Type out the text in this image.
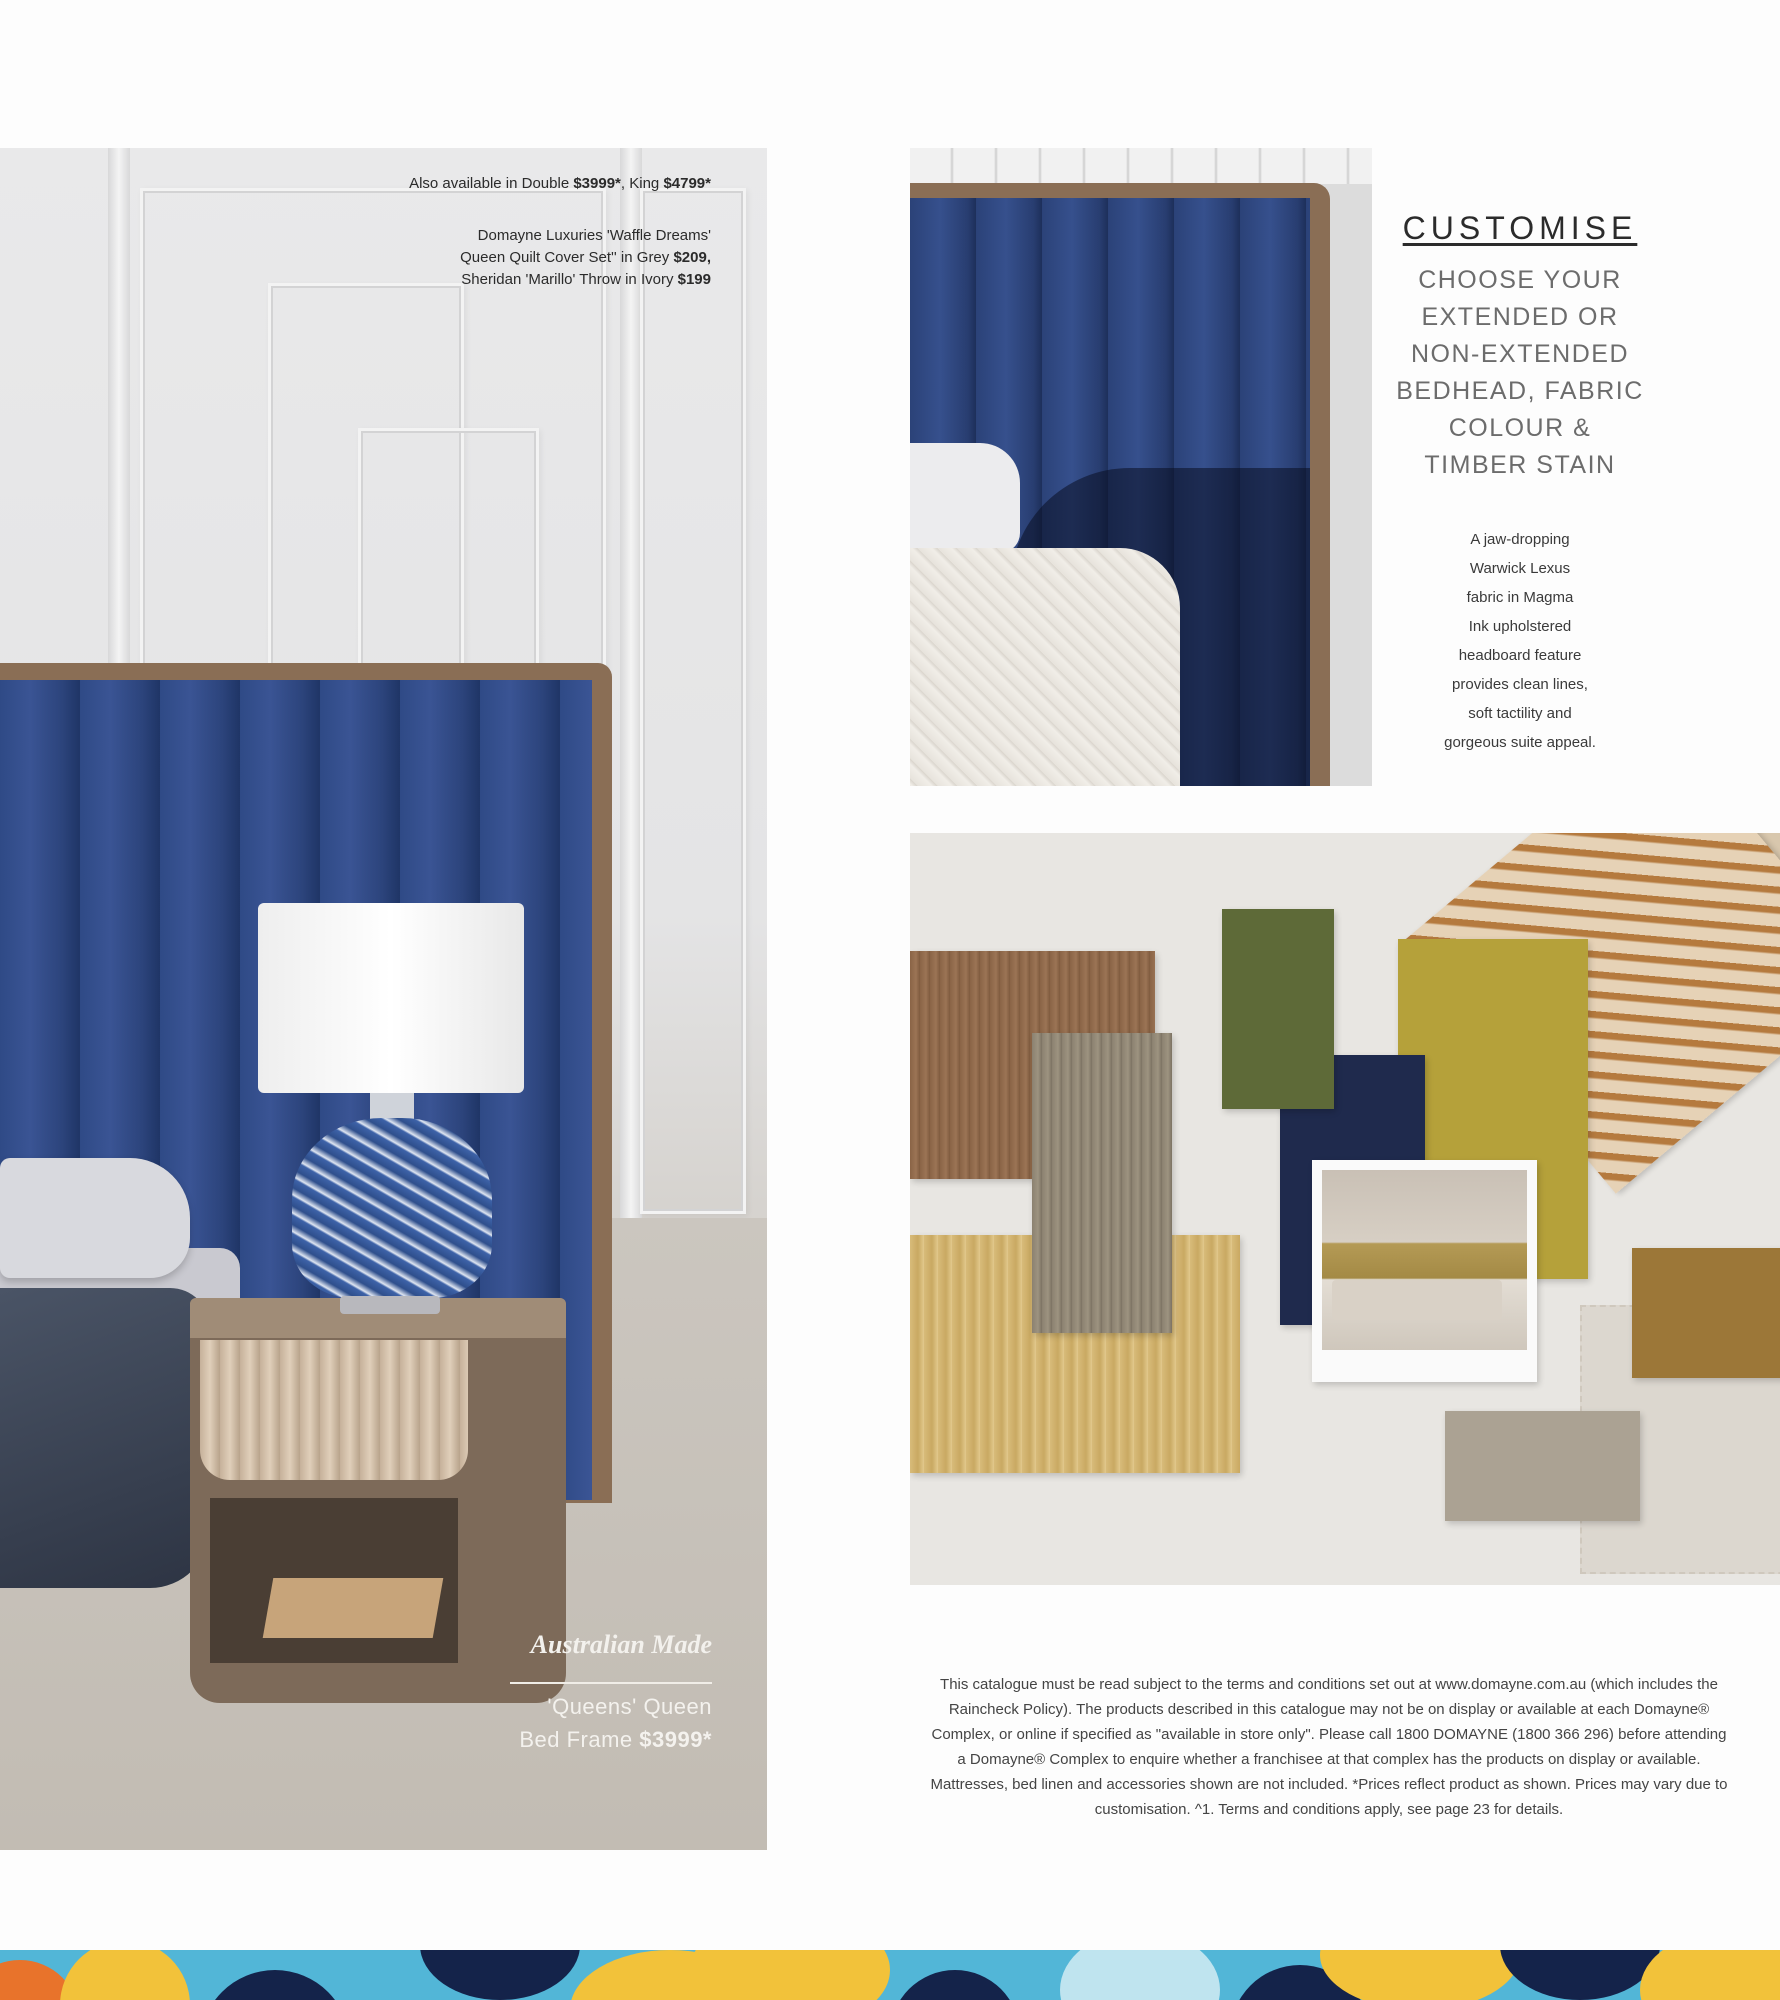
Also available in Double $3999*, King $4799*
Domayne Luxuries 'Waffle Dreams'
Queen Quilt Cover Set'' in Grey $209,
Sheridan 'Marillo' Throw in Ivory $199
Australian Made
'Queens' Queen
Bed Frame $3999*
CUSTOMISE
CHOOSE YOUR
EXTENDED OR
NON-EXTENDED
BEDHEAD, FABRIC
COLOUR &
TIMBER STAIN
A jaw-dropping
Warwick Lexus
fabric in Magma
Ink upholstered
headboard feature
provides clean lines,
soft tactility and
gorgeous suite appeal.
This catalogue must be read subject to the terms and conditions set out at www.domayne.com.au (which includes the Raincheck Policy). The products described in this catalogue may not be on display or available at each Domayne® Complex, or online if specified as "available in store only". Please call 1800 DOMAYNE (1800 366 296) before attending a Domayne® Complex to enquire whether a franchisee at that complex has the products on display or available. Mattresses, bed linen and accessories shown are not included. *Prices reflect product as shown. Prices may vary due to customisation. ^1. Terms and conditions apply, see page 23 for details.
